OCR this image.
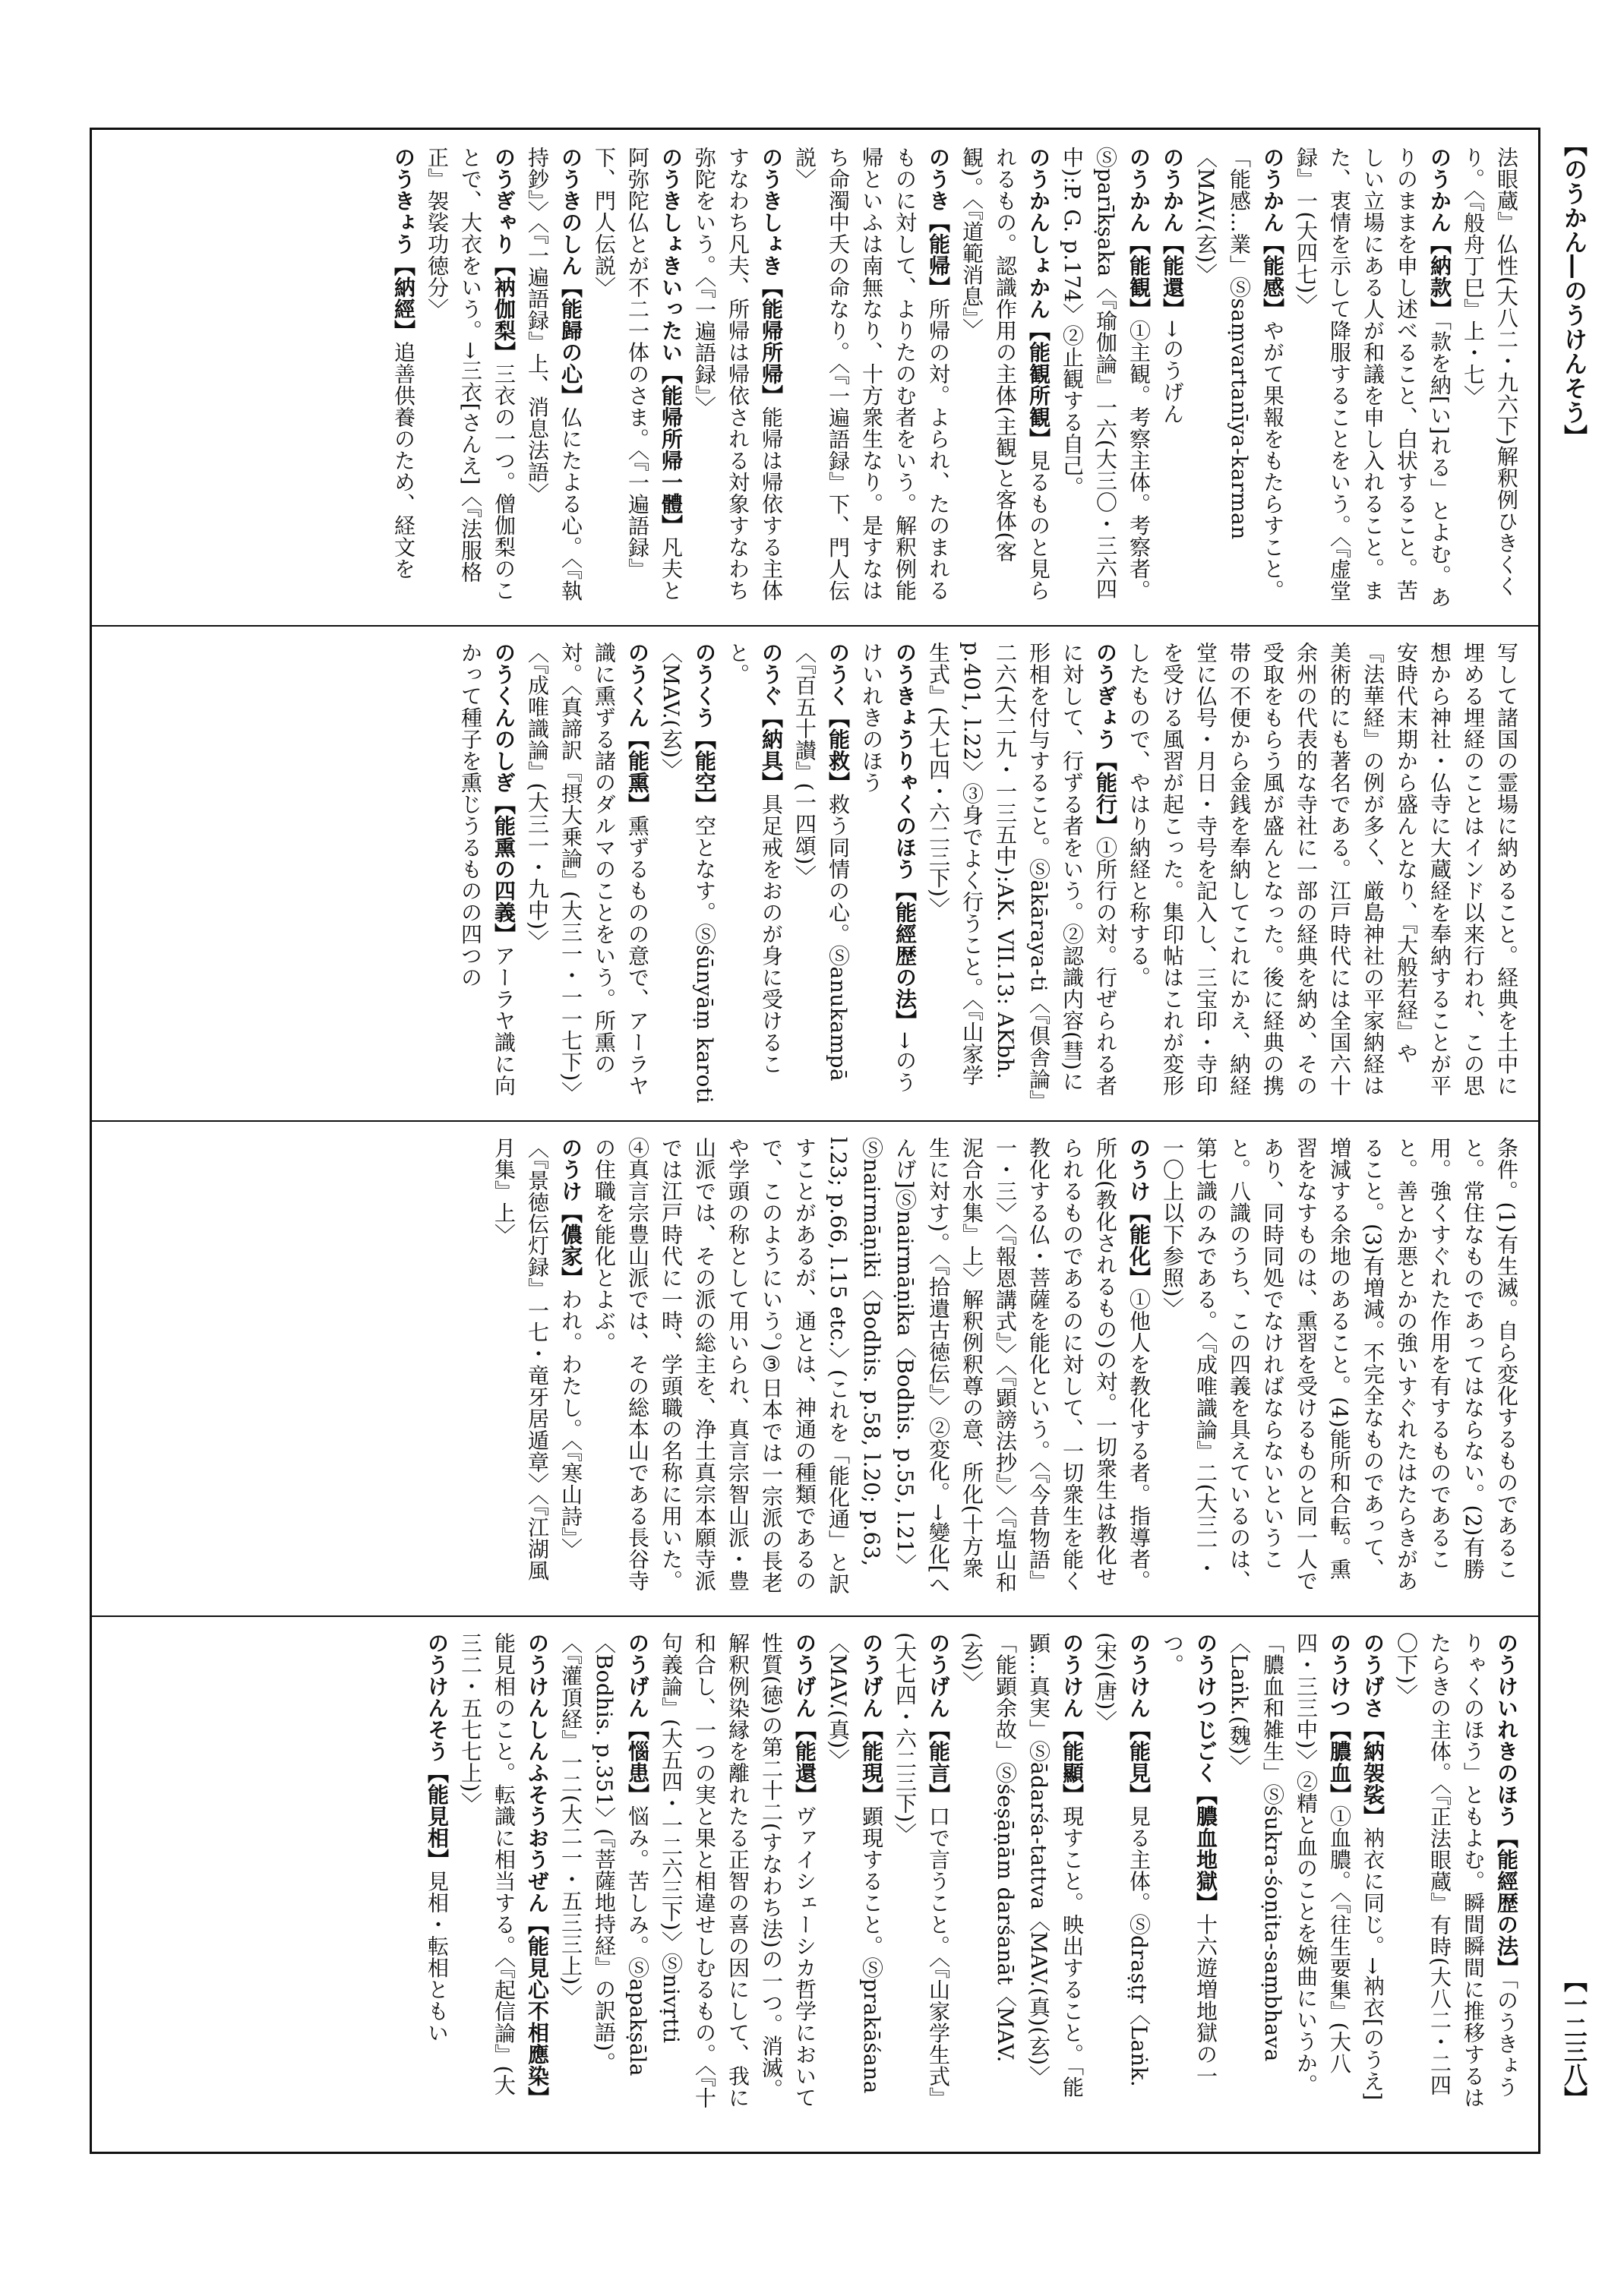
【のうかん―のうけんそう】

法眼蔵』仏性(大八二・九六下)解釈例ひきくくり。〈『般舟丁巳』上・七〉

のうかん【納款】「款を納[い]れる」とよむ。ありのままを申し述べること、白状すること。苦しい立場にある人が和議を申し入れること。また、衷情を示して降服することをいう。〈『虚堂録』一(大四七)〉

のうかん【能感】やがて果報をもたらすこと。「能感…業」Ⓢsaṃvartanīya-karman〈MAV.(玄)〉

のうかん【能還】→のうげん

のうかん【能観】①主観。考察主体。考察者。Ⓢparīkṣaka〈『瑜伽論』一六(大三〇・三六四中):P. G. p.174〉②止観する自己。

のうかんしょかん【能観所観】見るものと見られるもの。認識作用の主体(主観)と客体(客観)。〈『道範消息』〉

のうき【能帰】所帰の対。よられ、たのまれるものに対して、よりたのむ者をいう。解釈例能帰といふは南無なり、十方衆生なり。是すなはち命濁中夭の命なり。〈『一遍語録』下、門人伝説〉

のうきしょき【能帰所帰】能帰は帰依する主体すなわち凡夫、所帰は帰依される対象すなわち弥陀をいう。〈『一遍語録』〉

のうきしょきいったい【能帰所帰一體】凡夫と阿弥陀仏とが不二一体のさま。〈『一遍語録』下、門人伝説〉

のうきのしん【能歸の心】仏にたよる心。〈『執持鈔』〉〈『一遍語録』上、消息法語〉

のうぎゃり【衲伽梨】三衣の一つ。僧伽梨のことで、大衣をいう。→三衣[さんえ]〈『法服格正』袈裟功徳分〉

のうきょう【納經】追善供養のため、経文を

写して諸国の霊場に納めること。経典を土中に埋める埋経のことはインド以来行われ、この思想から神社・仏寺に大蔵経を奉納することが平安時代末期から盛んとなり、『大般若経』や『法華経』の例が多く、厳島神社の平家納経は美術的にも著名である。江戸時代には全国六十余州の代表的な寺社に一部の経典を納め、その受取をもらう風が盛んとなった。後に経典の携帯の不便から金銭を奉納してこれにかえ、納経堂に仏号・月日・寺号を記入し、三宝印・寺印を受ける風習が起こった。集印帖はこれが変形したもので、やはり納経と称する。

のうぎょう【能行】①所行の対。行ぜられる者に対して、行ずる者をいう。②認識内容(彗)に形相を付与すること。Ⓢākāraya-ti〈『倶舎論』二六(大二九・一三五中):AK. VII.13: AKbh. p.401, l.22〉③身でよく行うこと。〈『山家学生式』(大七四・六二三下)〉

のうきょうりゃくのほう【能經歴の法】→のうけいれきのほう

のうく【能救】救う同情の心。Ⓢanukampā〈『百五十讃』(一四頌)〉

のうぐ【納具】具足戒をおのが身に受けること。

のうくう【能空】空となす。Ⓢśūnyāṃ karoti〈MAV.(玄)〉

のうくん【能熏】熏ずるものの意で、アーラヤ識に熏ずる諸のダルマのことをいう。所熏の対。〈真諦訳『摂大乗論』(大三一・一一七下)〉〈『成唯識論』(大三一・九中)〉

のうくんのしぎ【能熏の四義】アーラヤ識に向かって種子を熏じうるものの四つの

条件。(1)有生滅。自ら変化するものであること。常住なものであってはならない。(2)有勝用。強くすぐれた作用を有するものであること。善とか悪とかの強いすぐれたはたらきがあること。(3)有増減。不完全なものであって、増減する余地のあること。(4)能所和合転。熏習をなすものは、熏習を受けるものと同一人であり、同時同処でなければならないということ。八識のうち、この四義を具えているのは、第七識のみである。〈『成唯識論』二(大三一・一〇上以下参照)〉

のうけ【能化】①他人を教化する者。指導者。所化(教化されるもの)の対。一切衆生は教化せられるものであるのに対して、一切衆生を能く教化する仏・菩薩を能化という。〈『今昔物語』一・三〉〈『報恩講式』〉〈『顕謗法抄』〉〈『塩山和泥合水集』上〉解釈例釈尊の意、所化(十方衆生に対す)。〈『拾遺古徳伝』〉②変化。→變化[へんげ]Ⓢnairmāṇika〈Bodhis. p.55, l.21〉Ⓢnairmāṇiki〈Bodhis. p.58, l.20; p.63, l.23; p.66, l.15 etc.〉(これを「能化通」と訳すことがあるが、通とは、神通の種類であるので、このようにいう。)③日本では一宗派の長老や学頭の称として用いられ、真言宗智山派・豊山派では、その派の総主を、浄土真宗本願寺派では江戸時代に一時、学頭職の名称に用いた。④真言宗豊山派では、その総本山である長谷寺の住職を能化とよぶ。

のうけ【儂家】われ。わたし。〈『寒山詩』〉〈『景徳伝灯録』一七・竜牙居遁章〉〈『江湖風月集』上〉

のうけいれきのほう【能經歴の法】「のうきょうりゃくのほう」ともよむ。瞬間瞬間に推移するはたらきの主体。〈『正法眼蔵』有時(大八二・二四〇下)〉

のうげさ【納袈裟】衲衣に同じ。→衲衣[のうえ]

のうけつ【膿血】①血膿。〈『往生要集』(大八四・三三中)〉②精と血のことを婉曲にいうか。「膿血和雑生」Ⓢśukra-śoṇita-saṃbhava〈Laṅk.(魏)〉

のうけつじごく【膿血地獄】十六遊増地獄の一つ。

のうけん【能見】見る主体。Ⓢdraṣṭṛ〈Laṅk.(宋)(唐)〉

のうけん【能顯】現すこと。映出すること。「能顕…真実」Ⓢādarśa-tattva〈MAV.(真)(玄)〉「能顕余故」Ⓢśeṣāṇām darśanāt〈MAV.(玄)〉

のうげん【能言】口で言うこと。〈『山家学生式』(大七四・六二三下)〉

のうげん【能現】顕現すること。Ⓢprakāśana〈MAV.(真)〉

のうげん【能還】ヴァイシェーシカ哲学において性質(徳)の第二十二(すなわち法)の一つ。消滅。解釈例染縁を離れたる正智の喜の因にして、我に和合し、一つの実と果と相違せしむるもの。〈『十句義論』(大五四・一二六三下)〉Ⓢnivṛtti

のうげん【惱患】悩み。苦しみ。Ⓢapakṣāla〈Bodhis. p.351〉(『菩薩地持経』の訳語)。〈『灌頂経』一二(大二一・五三三上)〉

のうけんしんふそうおうぜん【能見心不相應染】能見相のこと。転識に相当する。〈『起信論』(大三二・五七七上)〉

のうけんそう【能見相】見相・転相ともい	【一二三八】
